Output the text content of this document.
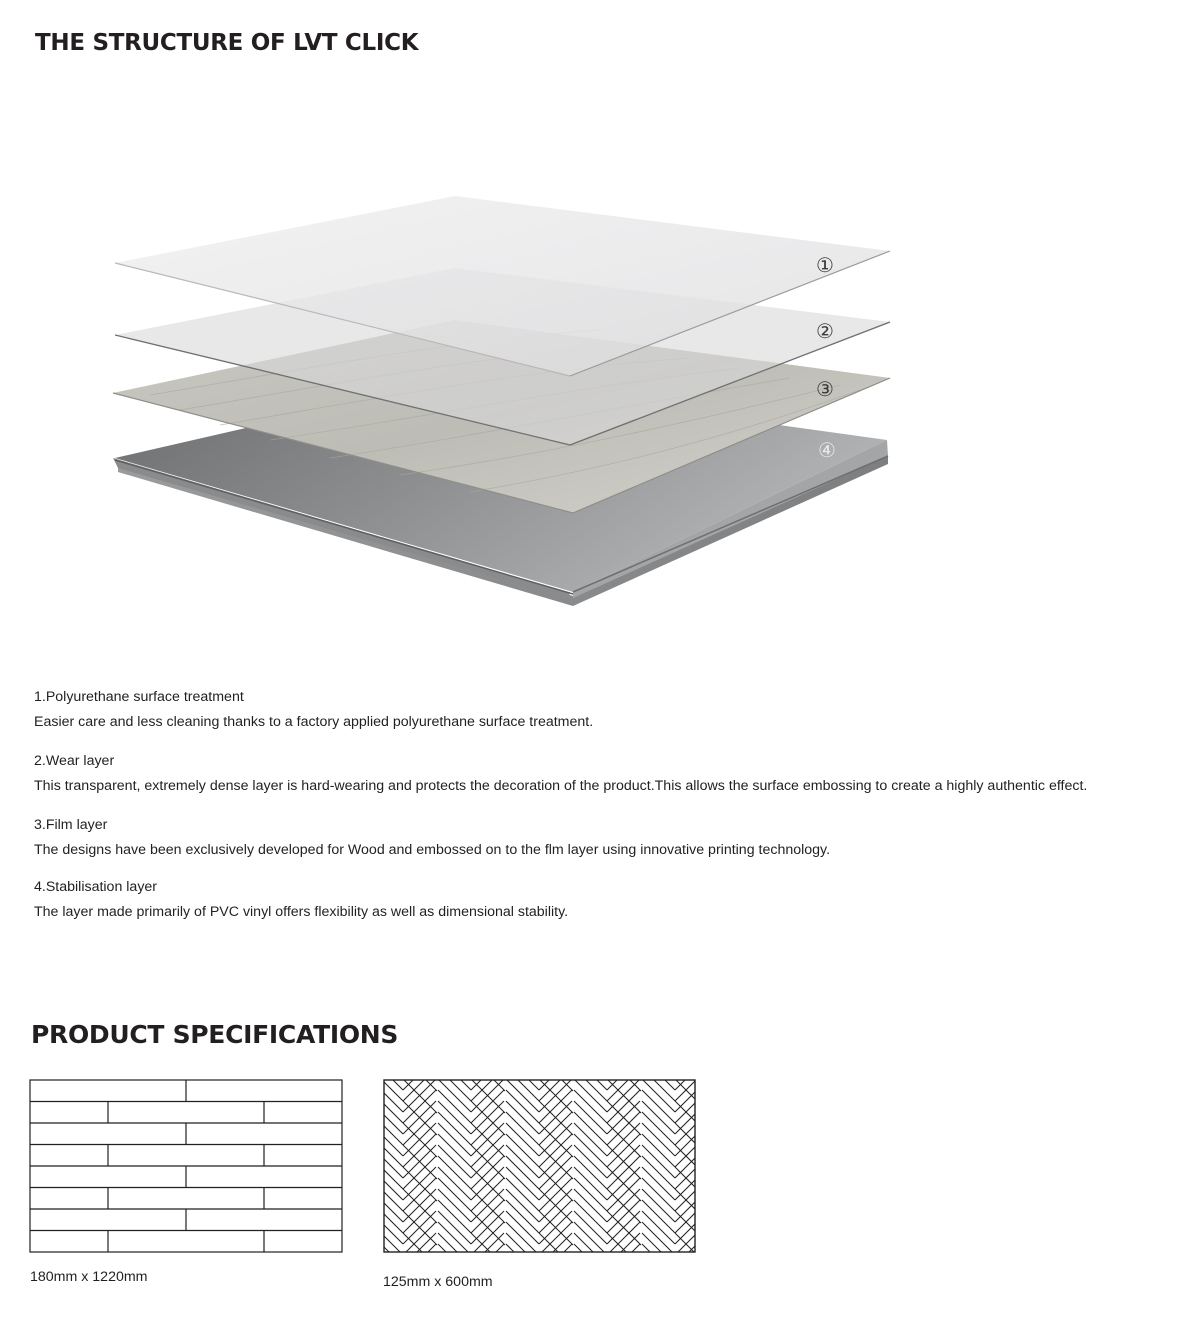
THE STRUCTURE OF LVT CLICK
①
②
③
④
1.Polyurethane surface treatment
Easier care and less cleaning thanks to a factory applied polyurethane surface treatment.
2.Wear layer
This transparent, extremely dense layer is hard-wearing and protects the decoration of the product.This allows the surface embossing to create a highly authentic effect.
3.Film layer
The designs have been exclusively developed for Wood and embossed on to the flm layer using innovative printing technology.
4.Stabilisation layer
The layer made primarily of PVC vinyl offers flexibility as well as dimensional stability.
PRODUCT SPECIFICATIONS
180mm x 1220mm	125mm x 600mm
